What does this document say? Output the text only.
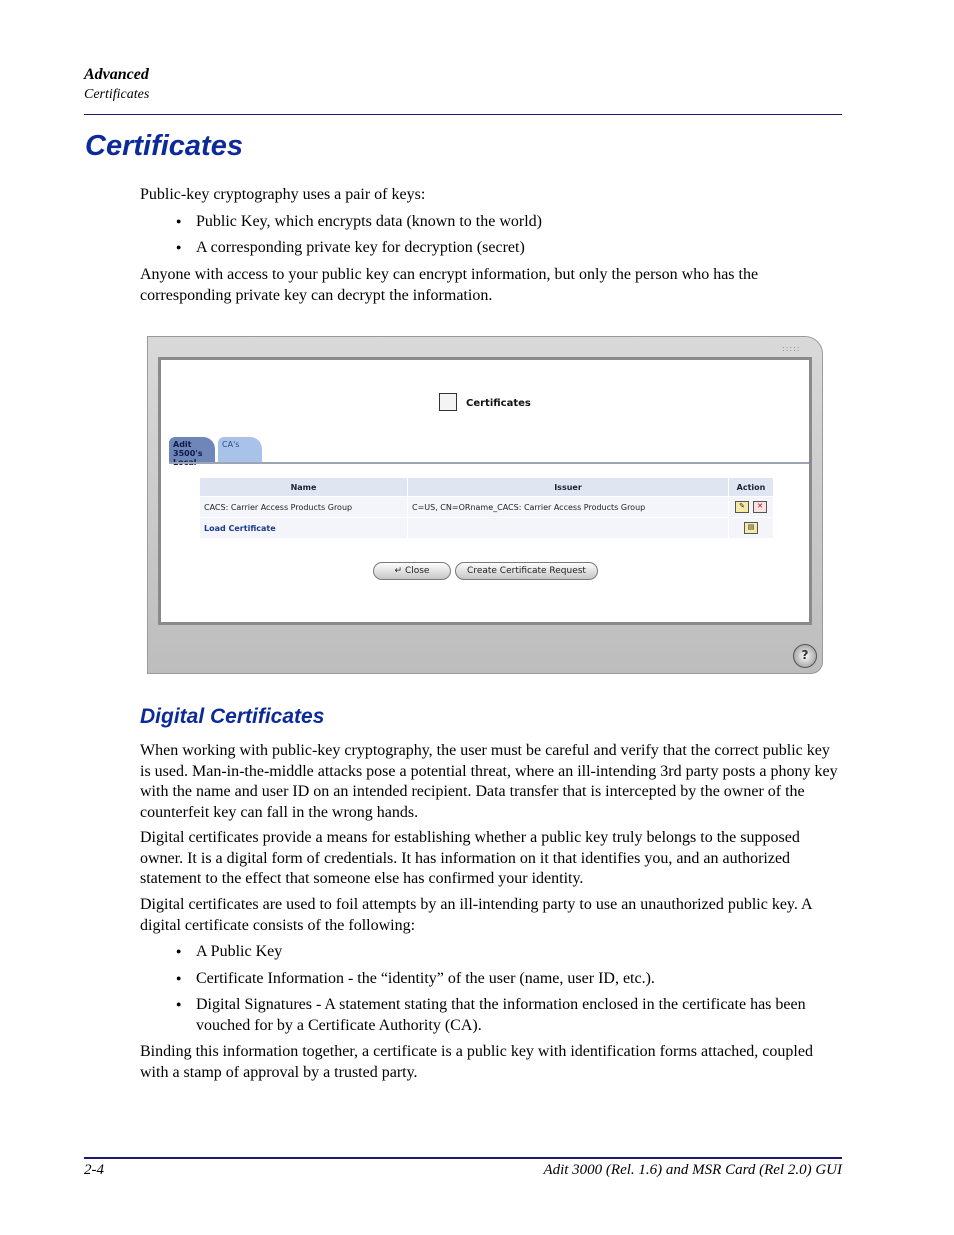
Advanced
Certificates
Certificates
Public-key cryptography uses a pair of keys:
● Public Key, which encrypts data (known to the world)
● A corresponding private key for decryption (secret)
Anyone with access to your public key can encrypt information, but only the person who has the corresponding private key can decrypt the information.
:::::
Certificates
Adit 3500's
CA's
Name	Issuer	Action
CACS: Carrier Access Products Group	C=US, CN=ORname_CACS: Carrier Access Products Group	✎ ✕
Load Certificate		▤
↵ Close	Create Certificate Request
?
Digital Certificates
When working with public-key cryptography, the user must be careful and verify that the correct public key is used. Man-in-the-middle attacks pose a potential threat, where an ill-intending 3rd party posts a phony key with the name and user ID on an intended recipient. Data transfer that is intercepted by the owner of the counterfeit key can fall in the wrong hands.
Digital certificates provide a means for establishing whether a public key truly belongs to the supposed owner. It is a digital form of credentials. It has information on it that identifies you, and an authorized statement to the effect that someone else has confirmed your identity.
Digital certificates are used to foil attempts by an ill-intending party to use an unauthorized public key. A digital certificate consists of the following:
● A Public Key
● Certificate Information - the “identity” of the user (name, user ID, etc.).
● Digital Signatures - A statement stating that the information enclosed in the certificate has been vouched for by a Certificate Authority (CA).
Binding this information together, a certificate is a public key with identification forms attached, coupled with a stamp of approval by a trusted party.
2-4	Adit 3000 (Rel. 1.6) and MSR Card (Rel 2.0) GUI
